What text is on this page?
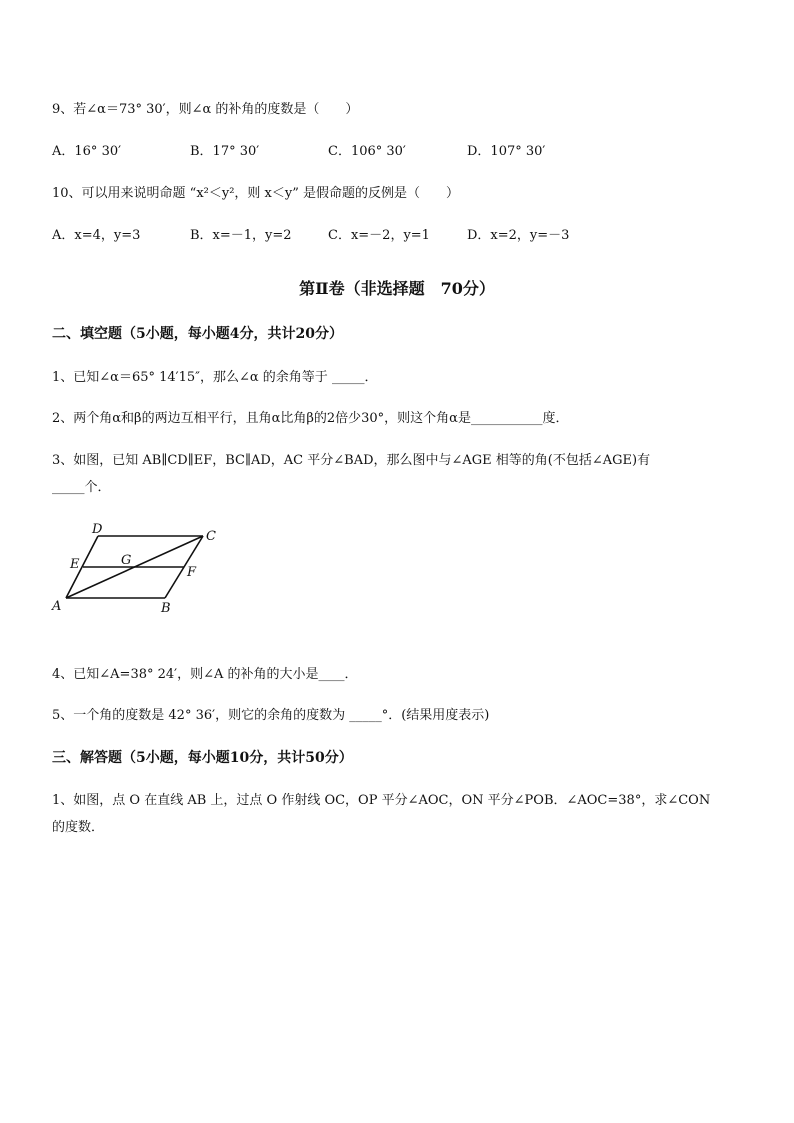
9、若∠α＝73° 30′，则∠α 的补角的度数是（　　）
A．16° 30′	B．17° 30′	C．106° 30′	D．107° 30′
10、可以用来说明命题 “x²＜y²，则 x＜y” 是假命题的反例是（　　）
A．x=4，y=3	B．x=－1，y=2	C．x=－2，y=1	D．x=2，y=－3
第Ⅱ卷（非选择题　70分）
二、填空题（5小题，每小题4分，共计20分）
1、已知∠α＝65° 14′15″，那么∠α 的余角等于 _____．
2、两个角α和β的两边互相平行，且角α比角β的2倍少30°，则这个角α是___________度．
3、如图，已知 AB∥CD∥EF，BC∥AD，AC 平分∠BAD，那么图中与∠AGE 相等的角(不包括∠AGE)有
_____个．
A	B
C
D
E
F
G
4、已知∠A=38° 24′，则∠A 的补角的大小是____．
5、一个角的度数是 42° 36′，则它的余角的度数为 _____°．(结果用度表示)
三、解答题（5小题，每小题10分，共计50分）
1、如图，点 O 在直线 AB 上，过点 O 作射线 OC，OP 平分∠AOC，ON 平分∠POB．∠AOC=38°，求∠CON
的度数．
